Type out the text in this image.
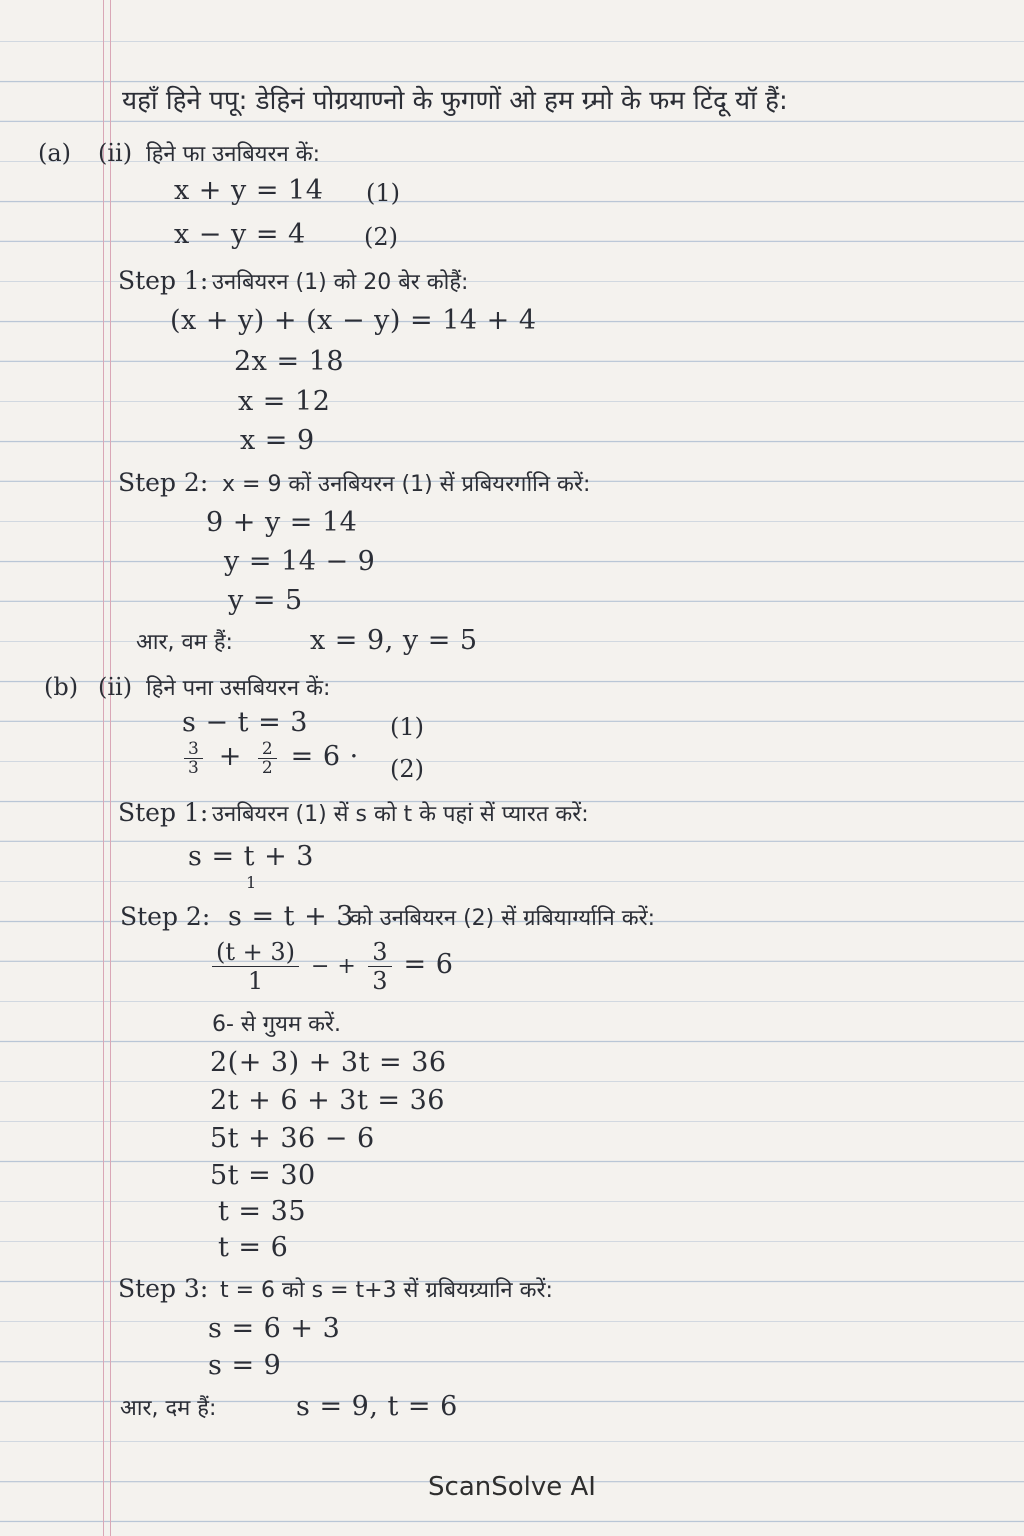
यहाँ हिने पपू: डेहिनं पोग्रयाण्नो के फुगणों ओ हम ग्र्मो के फम टिंदू यॉ हैं:
(a) (ii) हिने फा उनबियरन कें:
x + y = 14 (1)
x − y = 4 (2)
Step 1: उनबियरन (1) को 20 बेर कोहैं:
(x + y) + (x − y) = 14 + 4
2x = 18
x = 12
x = 9
Step 2: x = 9 कों उनबियरन (1) सें प्रबियरर्गानि करें:
9 + y = 14
y = 14 − 9
y = 5
आर, वम हैं:	x = 9, y = 5
(b) (ii) हिने पना उसबियरन कें:
s − t = 3	(1)
$\frac{3}{3} + \frac{2}{2} = 6 \cdot (2)$
Step 1: उनबियरन (1) सें s को t के पहां सें प्यारत करें:
s = t + 3
1
Step 2: s = t + 3
को उनबियरन (2) सें ग्रबियार्ग्यानि करें:
$\frac{(t + 3)}{1}$ − + $\frac{3}{3} = 6$
6- से गुयम करें.
2(+ 3) + 3t = 36
2t + 6 + 3t = 36
5t + 36 − 6
5t = 30
t = 35
t = 6
Step 3: t = 6 को s = t+3 सें ग्रबियग्र्यानि करें:
s = 6 + 3
s = 9
आर, दम हैं:	s = 9, t = 6
ScanSolve AI
